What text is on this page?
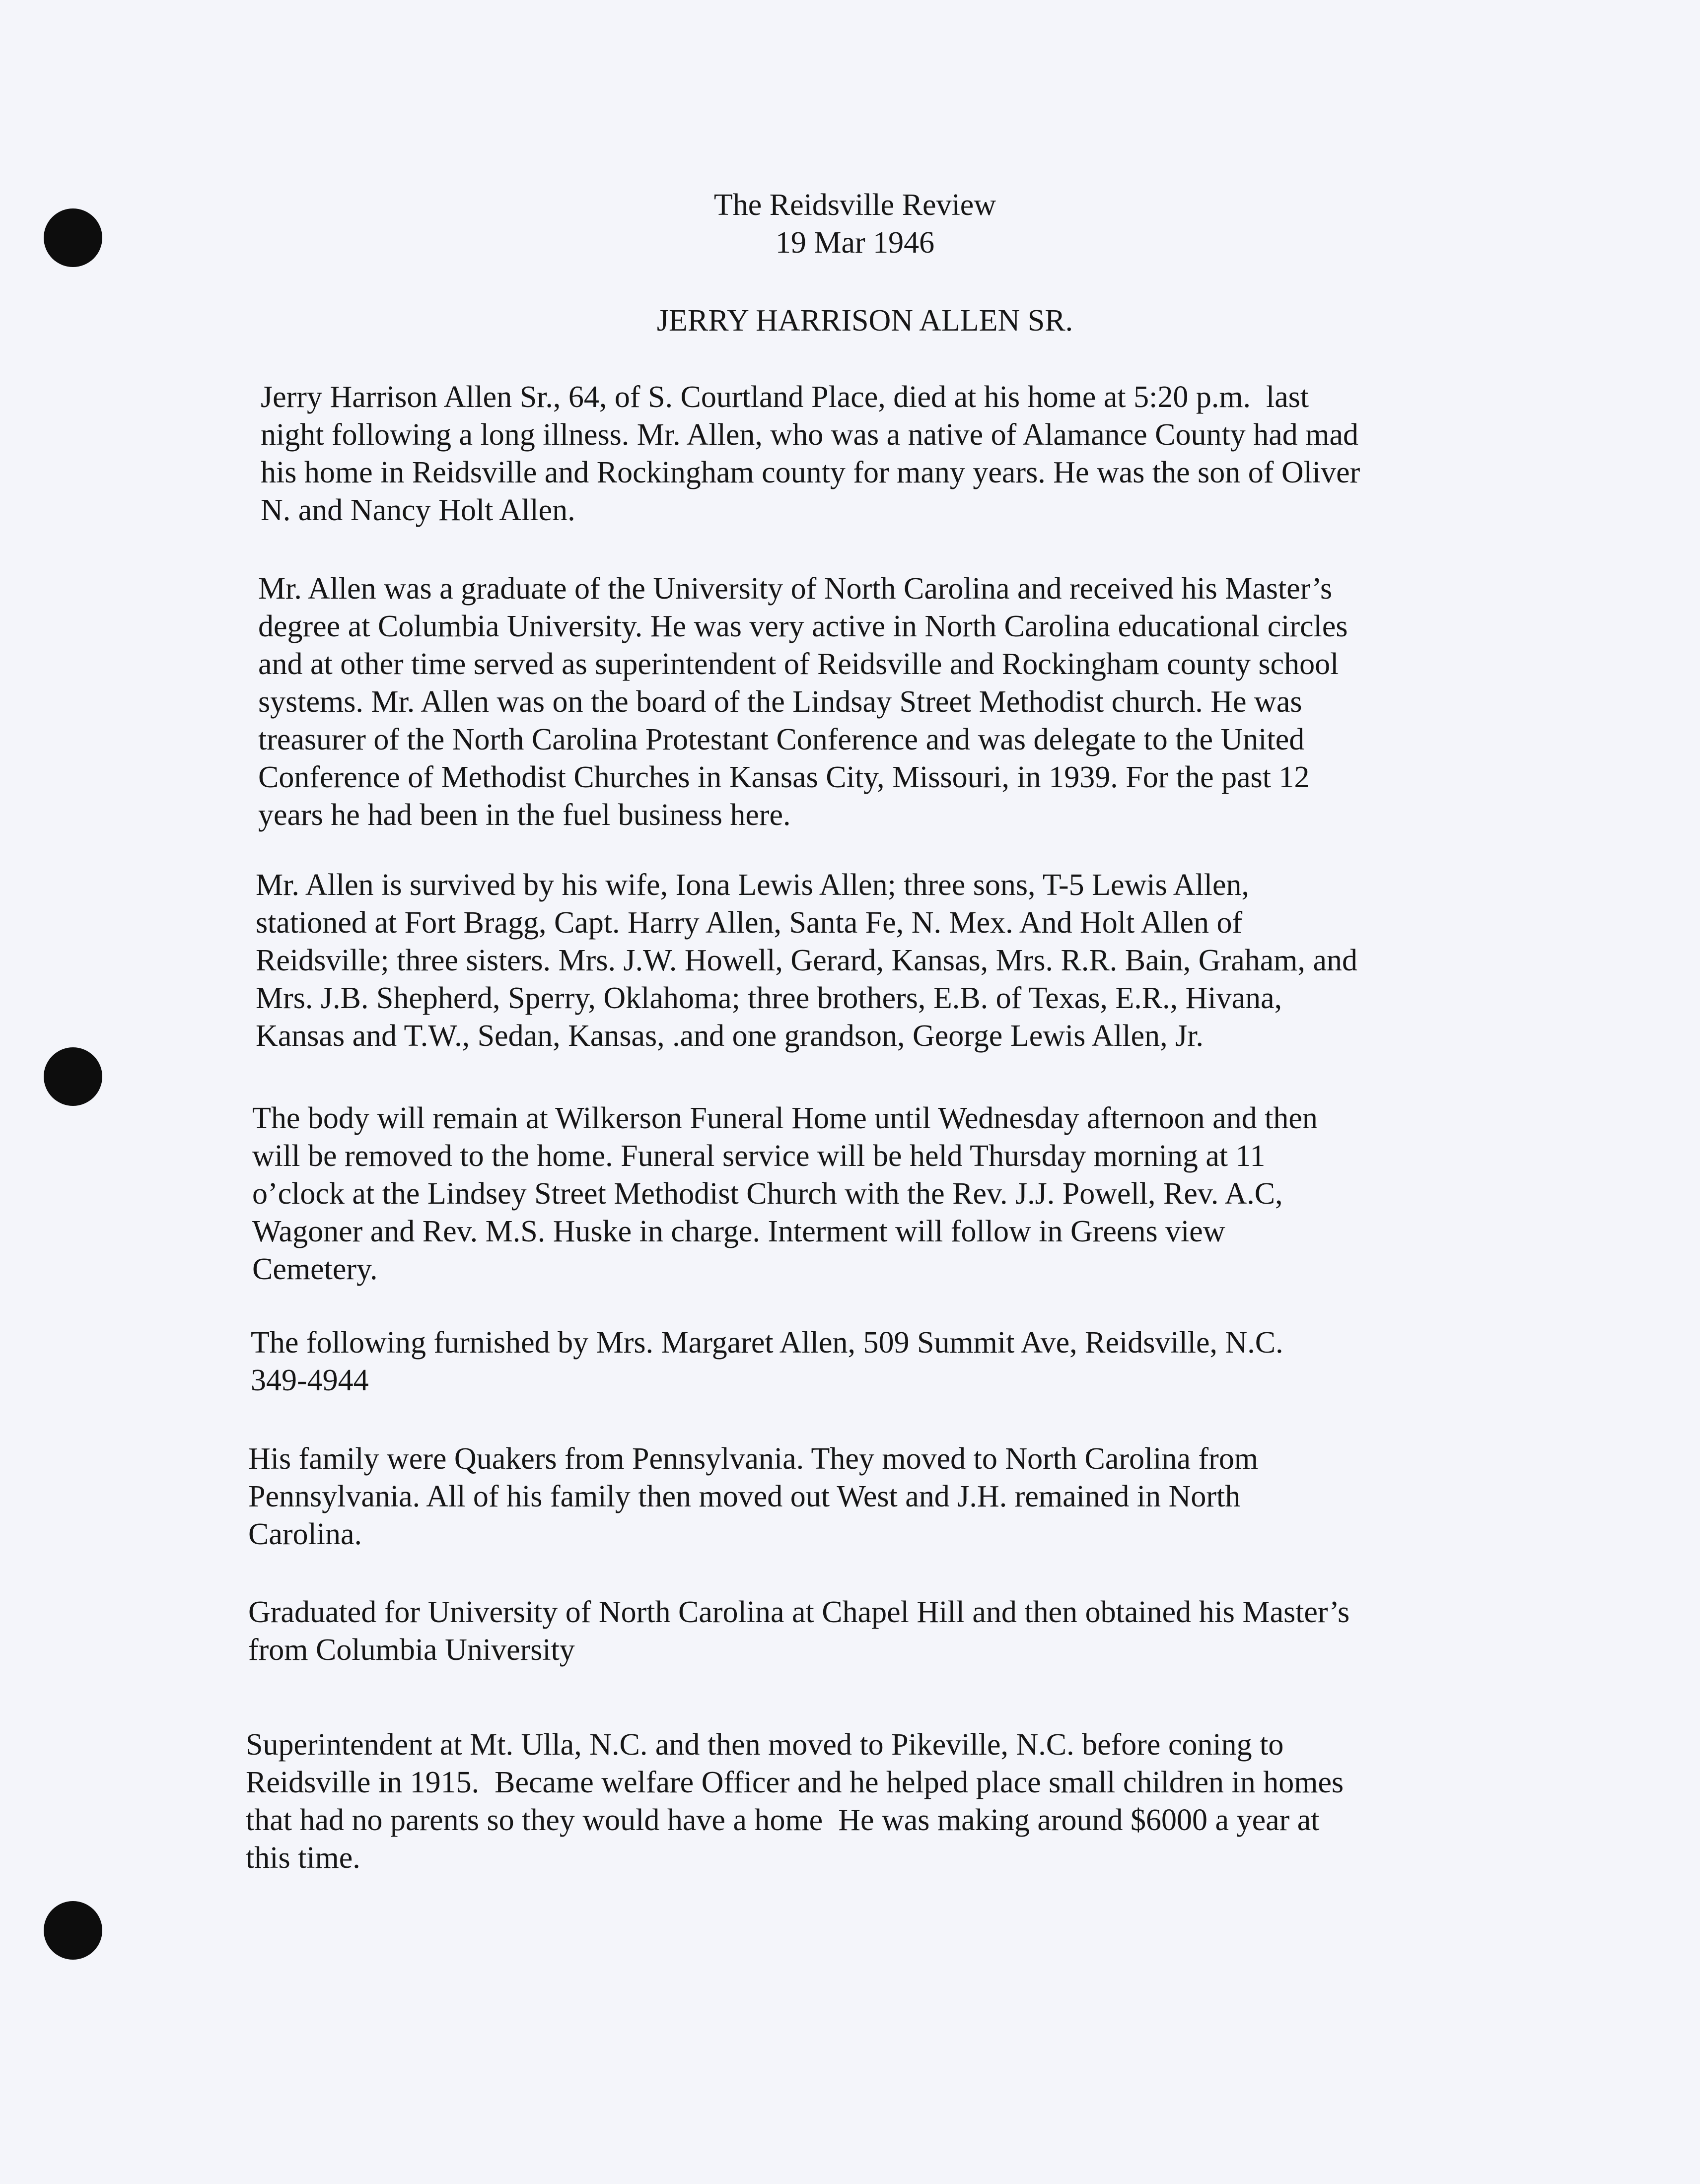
The Reidsville Review
19 Mar 1946
JERRY HARRISON ALLEN SR.

Jerry Harrison Allen Sr., 64, of S. Courtland Place, died at his home at 5:20 p.m.  last
night following a long illness. Mr. Allen, who was a native of Alamance County had mad
his home in Reidsville and Rockingham county for many years. He was the son of Oliver
N. and Nancy Holt Allen.

Mr. Allen was a graduate of the University of North Carolina and received his Master’s
degree at Columbia University. He was very active in North Carolina educational circles
and at other time served as superintendent of Reidsville and Rockingham county school
systems. Mr. Allen was on the board of the Lindsay Street Methodist church. He was
treasurer of the North Carolina Protestant Conference and was delegate to the United
Conference of Methodist Churches in Kansas City, Missouri, in 1939. For the past 12
years he had been in the fuel business here.

Mr. Allen is survived by his wife, Iona Lewis Allen; three sons, T-5 Lewis Allen,
stationed at Fort Bragg, Capt. Harry Allen, Santa Fe, N. Mex. And Holt Allen of
Reidsville; three sisters. Mrs. J.W. Howell, Gerard, Kansas, Mrs. R.R. Bain, Graham, and
Mrs. J.B. Shepherd, Sperry, Oklahoma; three brothers, E.B. of Texas, E.R., Hivana,
Kansas and T.W., Sedan, Kansas, .and one grandson, George Lewis Allen, Jr.

The body will remain at Wilkerson Funeral Home until Wednesday afternoon and then
will be removed to the home. Funeral service will be held Thursday morning at 11
o’clock at the Lindsey Street Methodist Church with the Rev. J.J. Powell, Rev. A.C,
Wagoner and Rev. M.S. Huske in charge. Interment will follow in Greens view
Cemetery.

The following furnished by Mrs. Margaret Allen, 509 Summit Ave, Reidsville, N.C.
349-4944

His family were Quakers from Pennsylvania. They moved to North Carolina from
Pennsylvania. All of his family then moved out West and J.H. remained in North
Carolina.

Graduated for University of North Carolina at Chapel Hill and then obtained his Master’s
from Columbia University

Superintendent at Mt. Ulla, N.C. and then moved to Pikeville, N.C. before coning to
Reidsville in 1915.  Became welfare Officer and he helped place small children in homes
that had no parents so they would have a home  He was making around $6000 a year at
this time.
